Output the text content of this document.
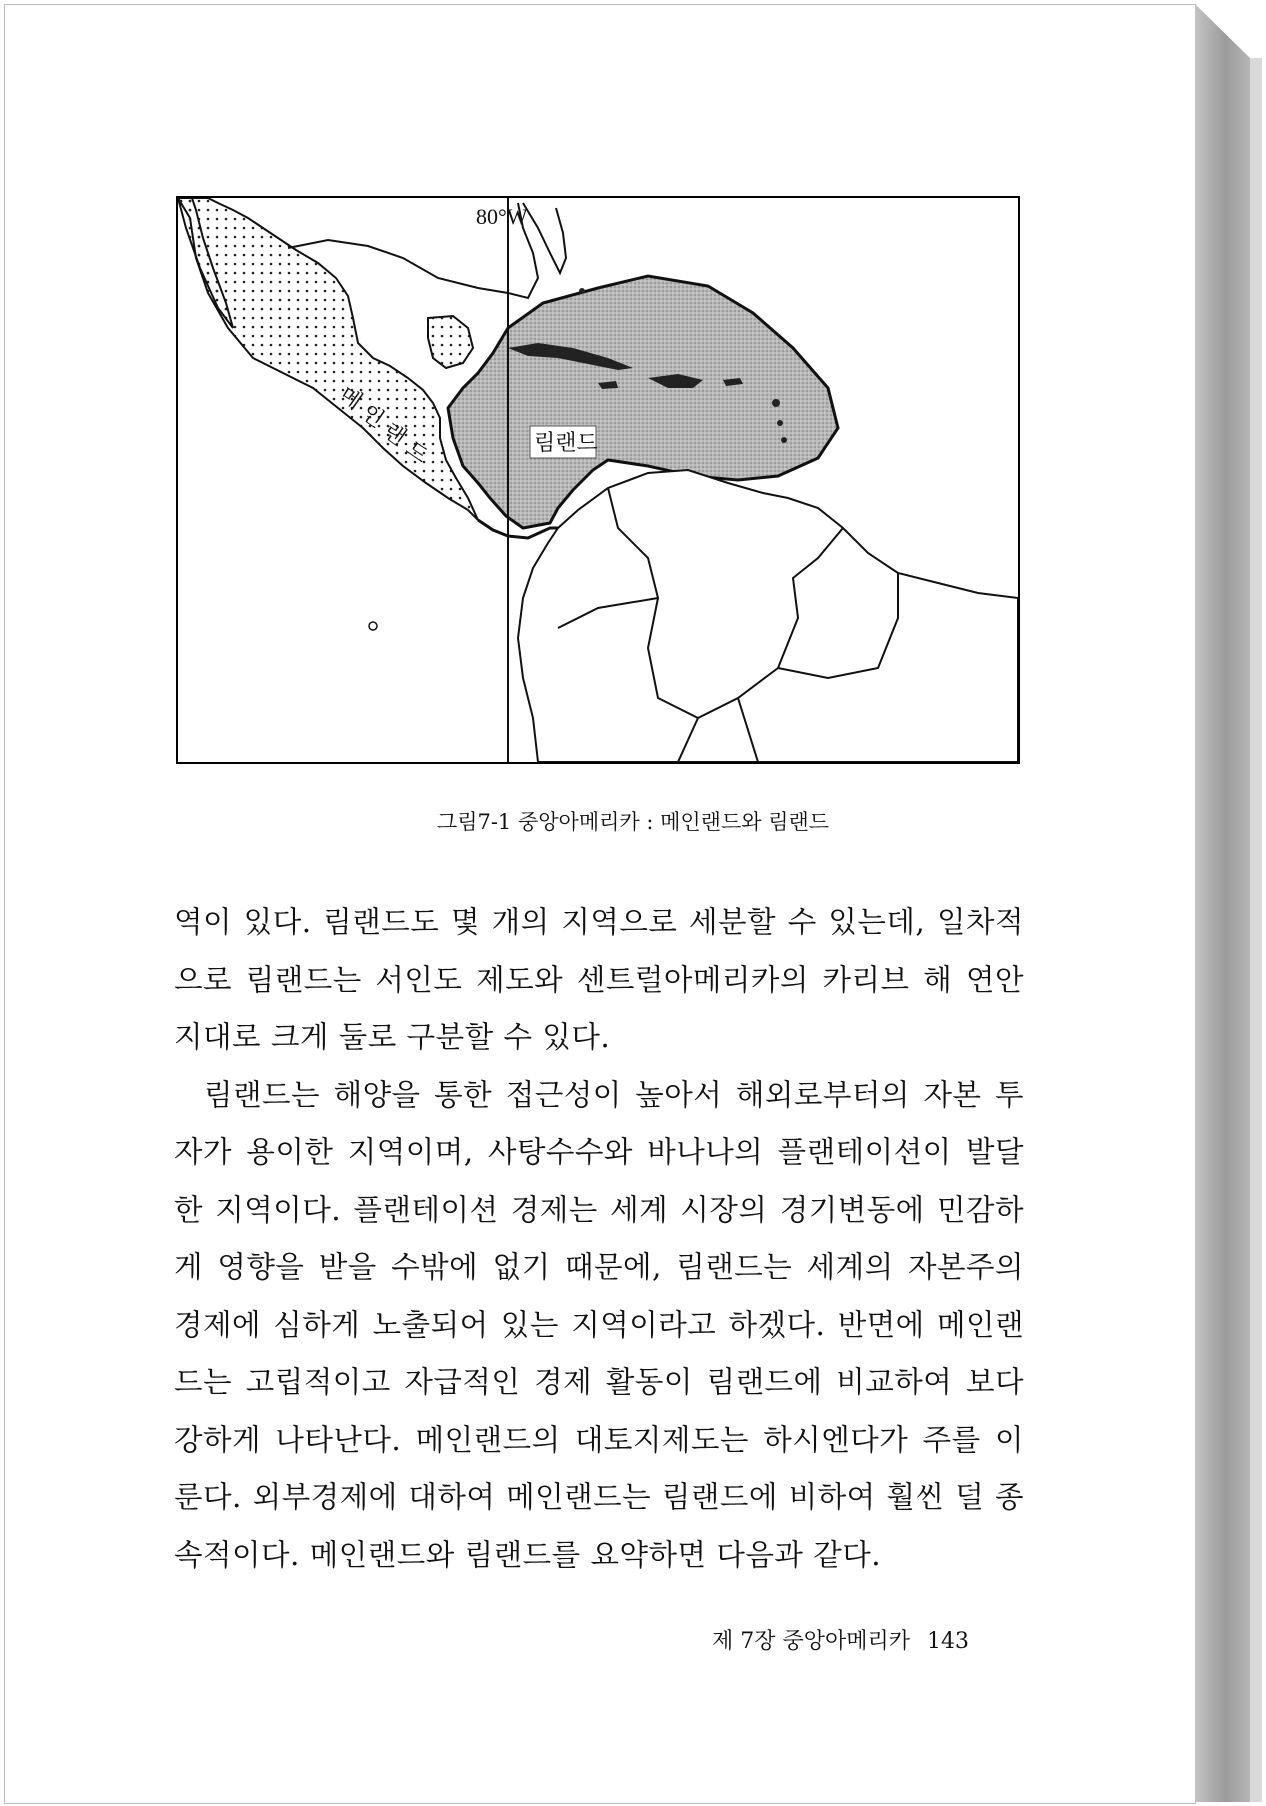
80°W
림랜드
메
인
랜
드
그림7-1 중앙아메리카 : 메인랜드와 림랜드

역이 있다. 림랜드도 몇 개의 지역으로 세분할 수 있는데, 일차적으로 림랜드는 서인도 제도와 센트럴아메리카의 카리브 해 연안 지대로 크게 둘로 구분할 수 있다.

림랜드는 해양을 통한 접근성이 높아서 해외로부터의 자본 투자가 용이한 지역이며, 사탕수수와 바나나의 플랜테이션이 발달한 지역이다. 플랜테이션 경제는 세계 시장의 경기변동에 민감하게 영향을 받을 수밖에 없기 때문에, 림랜드는 세계의 자본주의 경제에 심하게 노출되어 있는 지역이라고 하겠다. 반면에 메인랜드는 고립적이고 자급적인 경제 활동이 림랜드에 비교하여 보다 강하게 나타난다. 메인랜드의 대토지제도는 하시엔다가 주를 이룬다. 외부경제에 대하여 메인랜드는 림랜드에 비하여 훨씬 덜 종속적이다. 메인랜드와 림랜드를 요약하면 다음과 같다.

제 7장 중앙아메리카 143
